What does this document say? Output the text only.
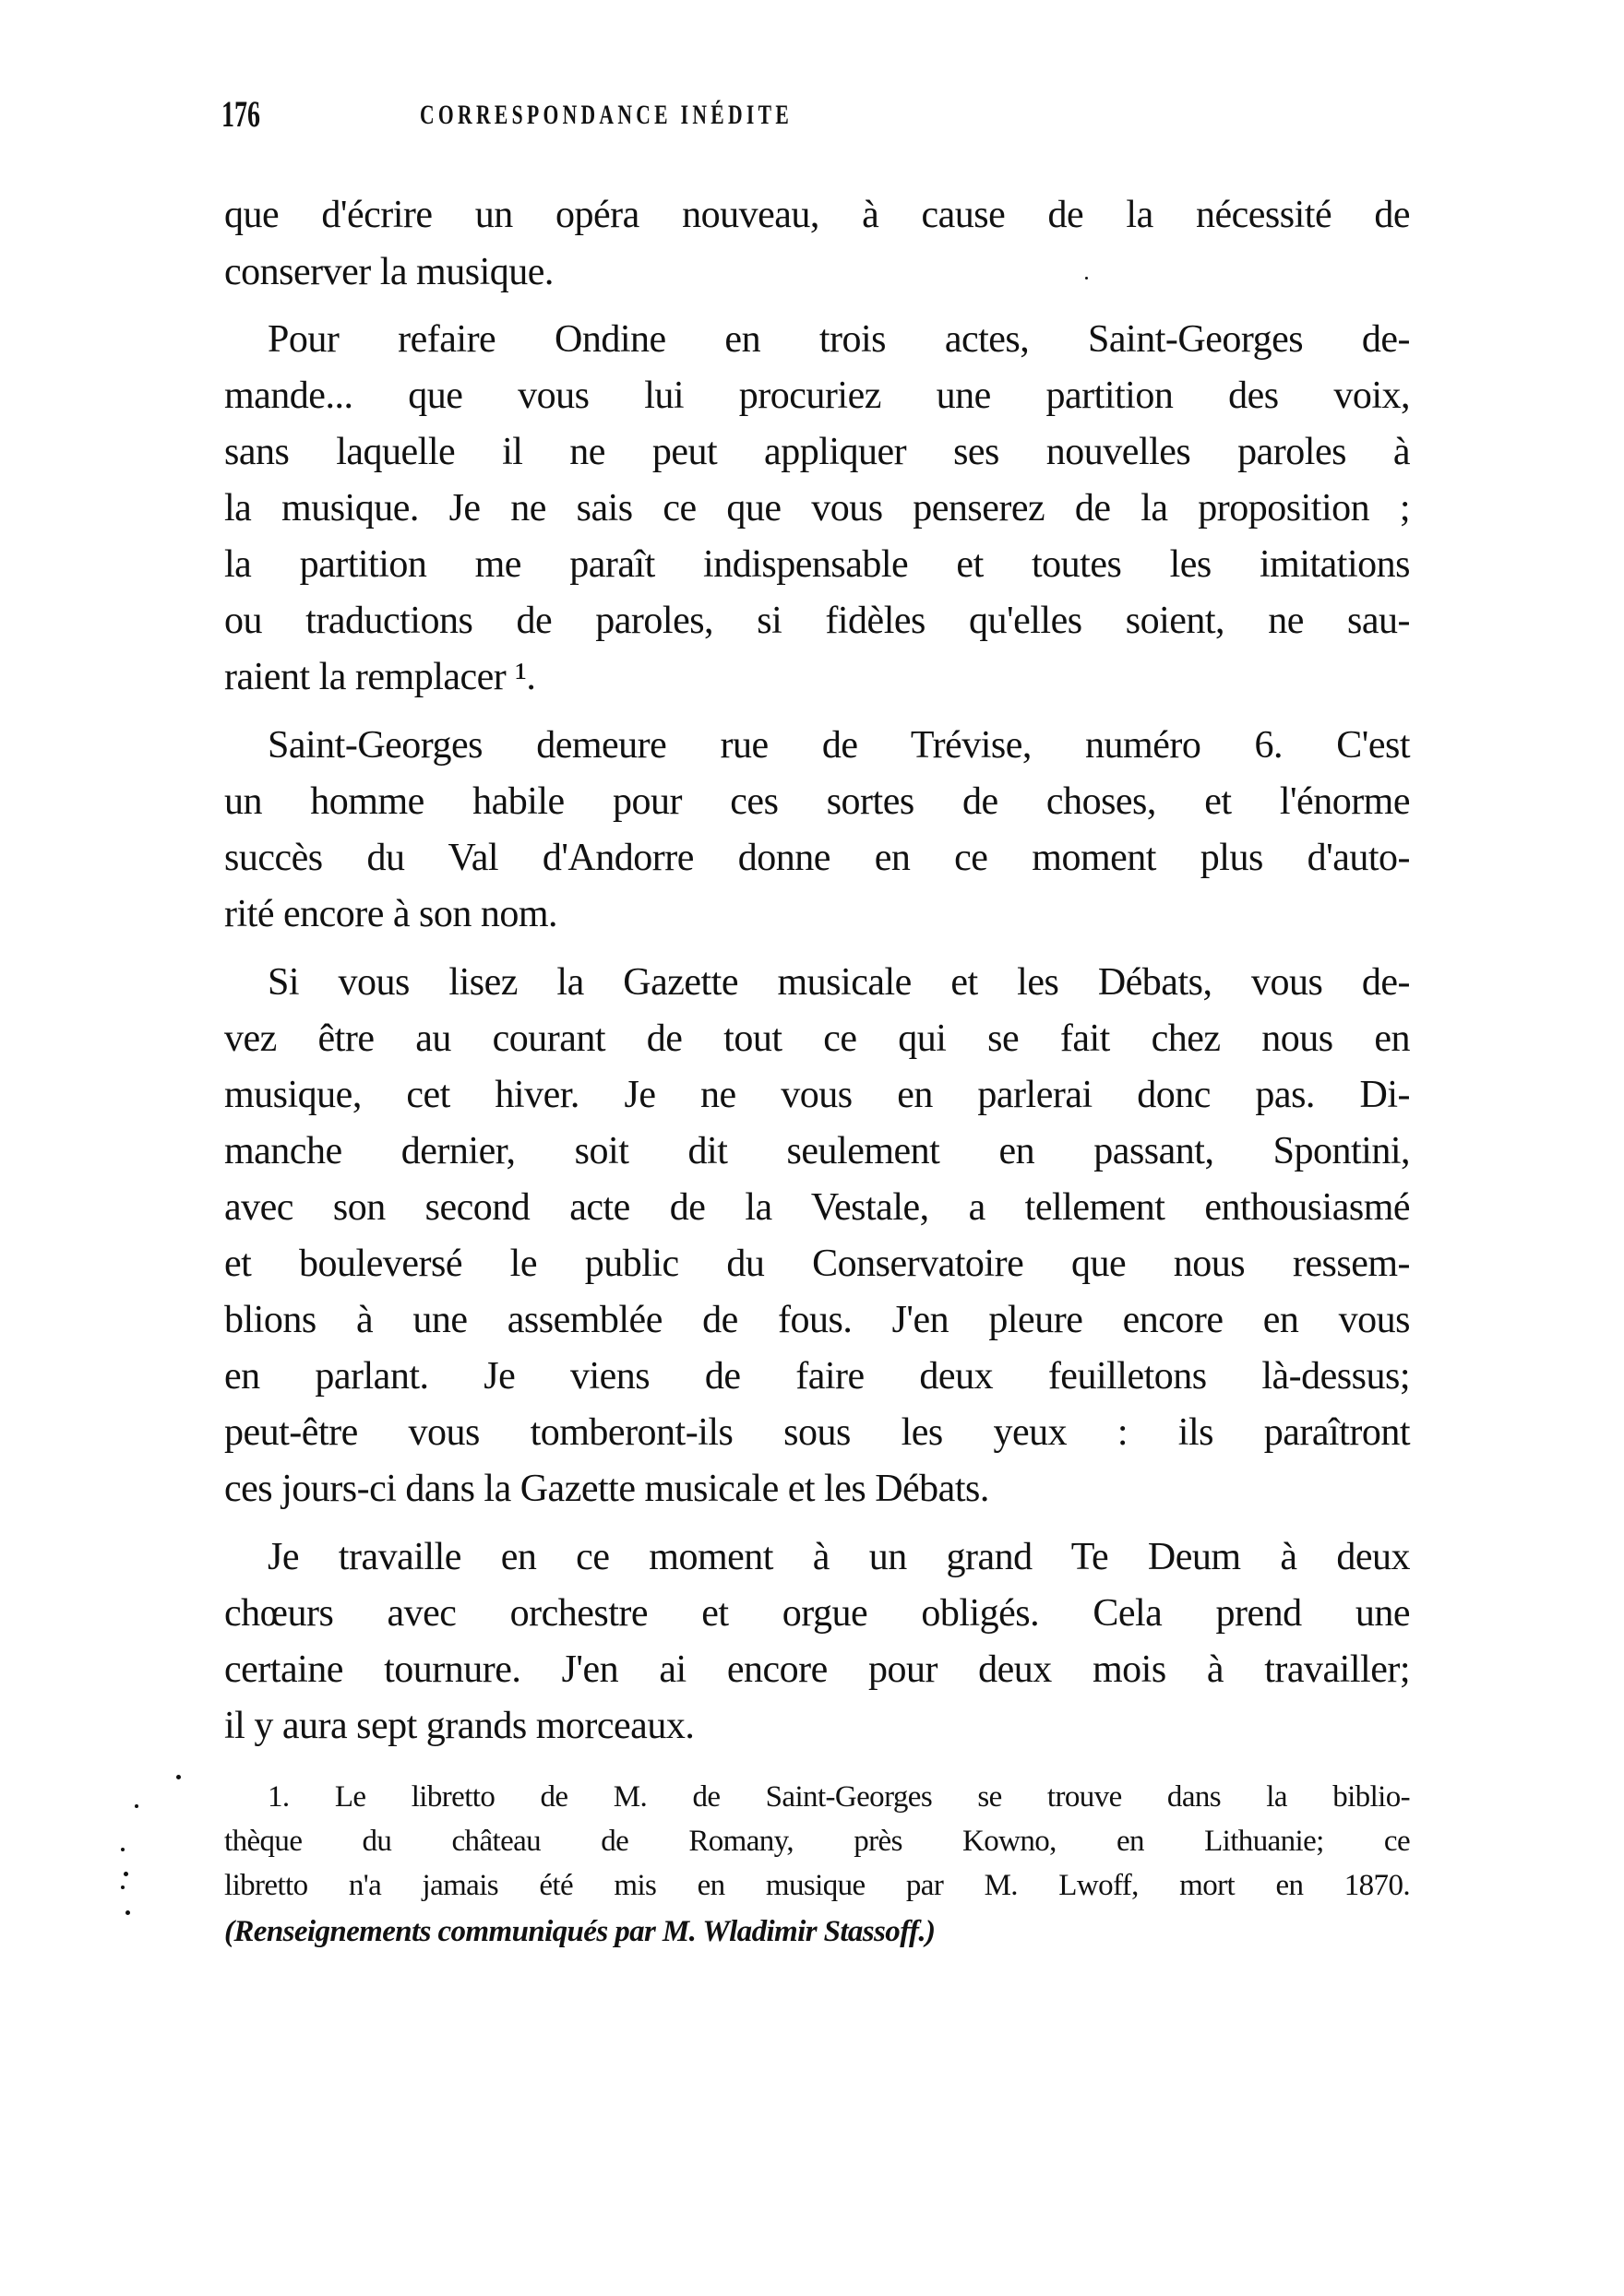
176	CORRESPONDANCE INÉDITE
que d'écrire un opéra nouveau, à cause de la nécessité de
conserver la musique.
Pour refaire Ondine en trois actes, Saint-Georges de-
mande... que vous lui procuriez une partition des voix,
sans laquelle il ne peut appliquer ses nouvelles paroles à
la musique. Je ne sais ce que vous penserez de la proposition ;
la partition me paraît indispensable et toutes les imitations
ou traductions de paroles, si fidèles qu'elles soient, ne sau-
raient la remplacer ¹.
Saint-Georges demeure rue de Trévise, numéro 6. C'est
un homme habile pour ces sortes de choses, et l'énorme
succès du Val d'Andorre donne en ce moment plus d'auto-
rité encore à son nom.
Si vous lisez la Gazette musicale et les Débats, vous de-
vez être au courant de tout ce qui se fait chez nous en
musique, cet hiver. Je ne vous en parlerai donc pas. Di-
manche dernier, soit dit seulement en passant, Spontini,
avec son second acte de la Vestale, a tellement enthousiasmé
et bouleversé le public du Conservatoire que nous ressem-
blions à une assemblée de fous. J'en pleure encore en vous
en parlant. Je viens de faire deux feuilletons là-dessus;
peut-être vous tomberont-ils sous les yeux : ils paraîtront
ces jours-ci dans la Gazette musicale et les Débats.
Je travaille en ce moment à un grand Te Deum à deux
chœurs avec orchestre et orgue obligés. Cela prend une
certaine tournure. J'en ai encore pour deux mois à travailler;
il y aura sept grands morceaux.
1. Le libretto de M. de Saint-Georges se trouve dans la biblio-
thèque du château de Romany, près Kowno, en Lithuanie; ce
libretto n'a jamais été mis en musique par M. Lwoff, mort en 1870.
(Renseignements communiqués par M. Wladimir Stassoff.)
